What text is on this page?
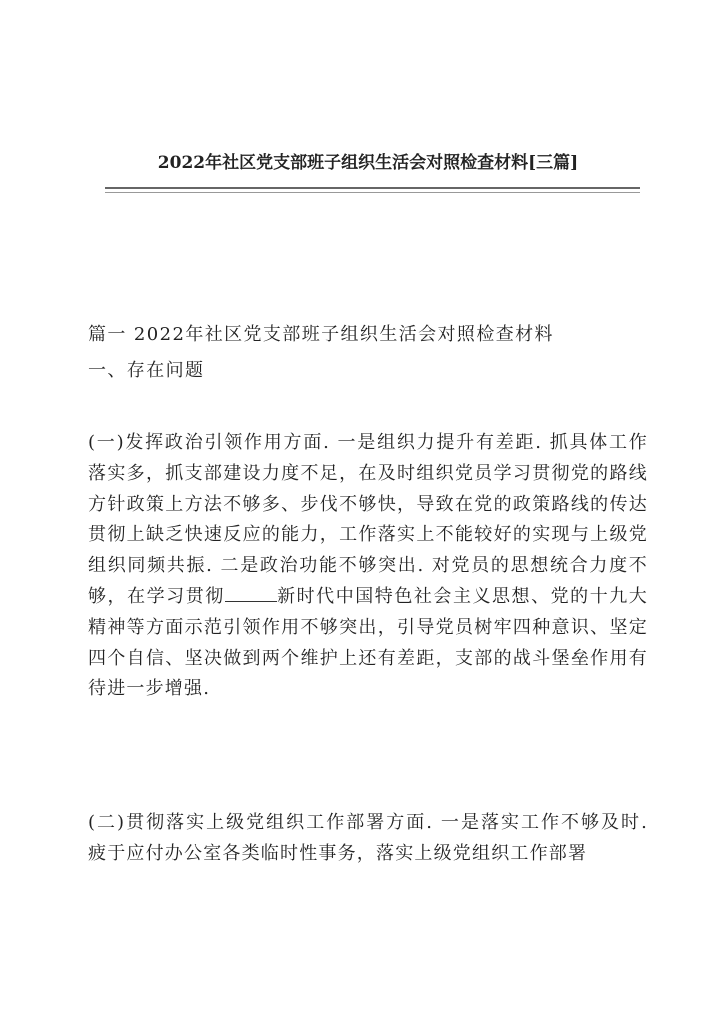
2022年社区党支部班子组织生活会对照检查材料[三篇]
篇一 2022年社区党支部班子组织生活会对照检查材料
一、存在问题
(一)发挥政治引领作用方面. 一是组织力提升有差距. 抓具体工作落实多，抓支部建设力度不足，在及时组织党员学习贯彻党的路线方针政策上方法不够多、步伐不够快，导致在党的政策路线的传达贯彻上缺乏快速反应的能力，工作落实上不能较好的实现与上级党组织同频共振. 二是政治功能不够突出. 对党员的思想统合力度不够，在学习贯彻	新时代中国特色社会主义思想、党的十九大精神等方面示范引领作用不够突出，引导党员树牢四种意识、坚定四个自信、坚决做到两个维护上还有差距，支部的战斗堡垒作用有待进一步增强.
(二)贯彻落实上级党组织工作部署方面. 一是落实工作不够及时. 疲于应付办公室各类临时性事务，落实上级党组织工作部署
